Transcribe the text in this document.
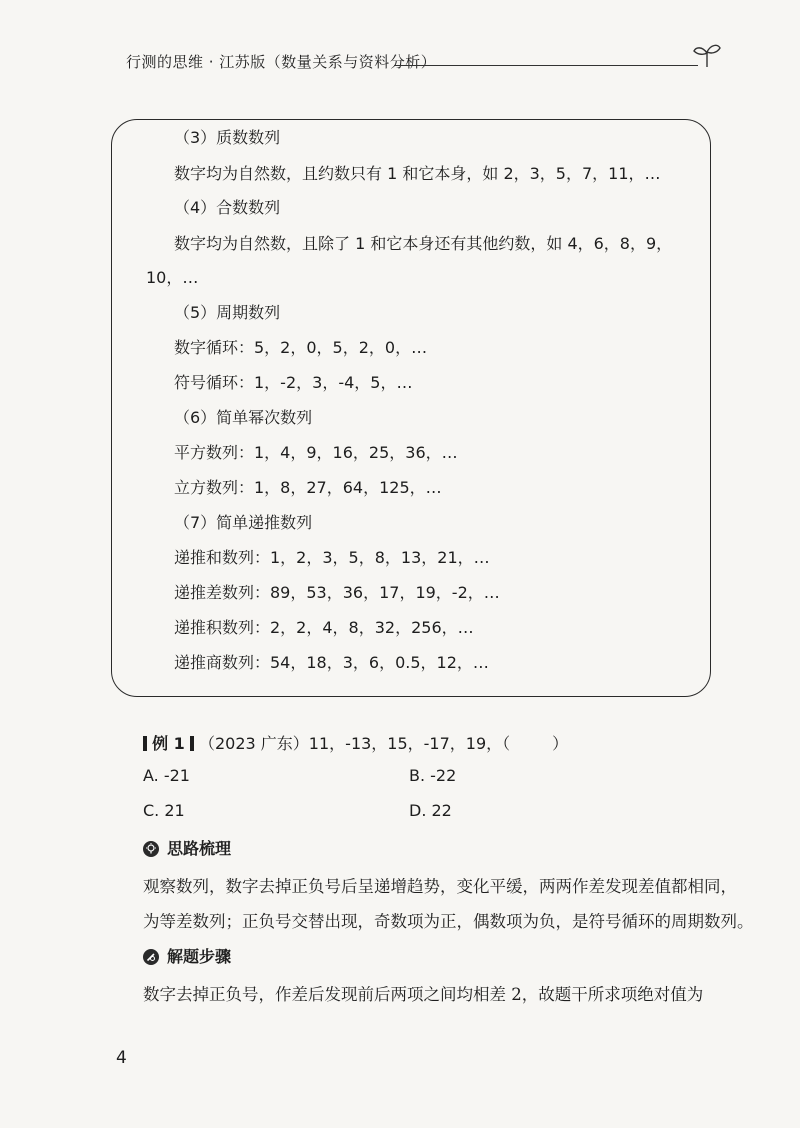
行测的思维 · 江苏版（数量关系与资料分析）
（3）质数数列
数字均为自然数，且约数只有 1 和它本身，如 2，3，5，7，11，…
（4）合数数列
数字均为自然数，且除了 1 和它本身还有其他约数，如 4，6，8，9，
10，…
（5）周期数列
数字循环：5，2，0，5，2，0，…
符号循环：1，-2，3，-4，5，…
（6）简单幂次数列
平方数列：1，4，9，16，25，36，…
立方数列：1，8，27，64，125，…
（7）简单递推数列
递推和数列：1，2，3，5，8，13，21，…
递推差数列：89，53，36，17，19，-2，…
递推积数列：2，2，4，8，32，256，…
递推商数列：54，18，3，6，0.5，12，…
例 1 （2023 广东）11，-13，15，-17，19，（	）
A. -21	B. -22
C. 21	D. 22
思路梳理
观察数列，数字去掉正负号后呈递增趋势，变化平缓，两两作差发现差值都相同，
为等差数列；正负号交替出现，奇数项为正，偶数项为负，是符号循环的周期数列。
解题步骤
数字去掉正负号，作差后发现前后两项之间均相差 2，故题干所求项绝对值为
4
